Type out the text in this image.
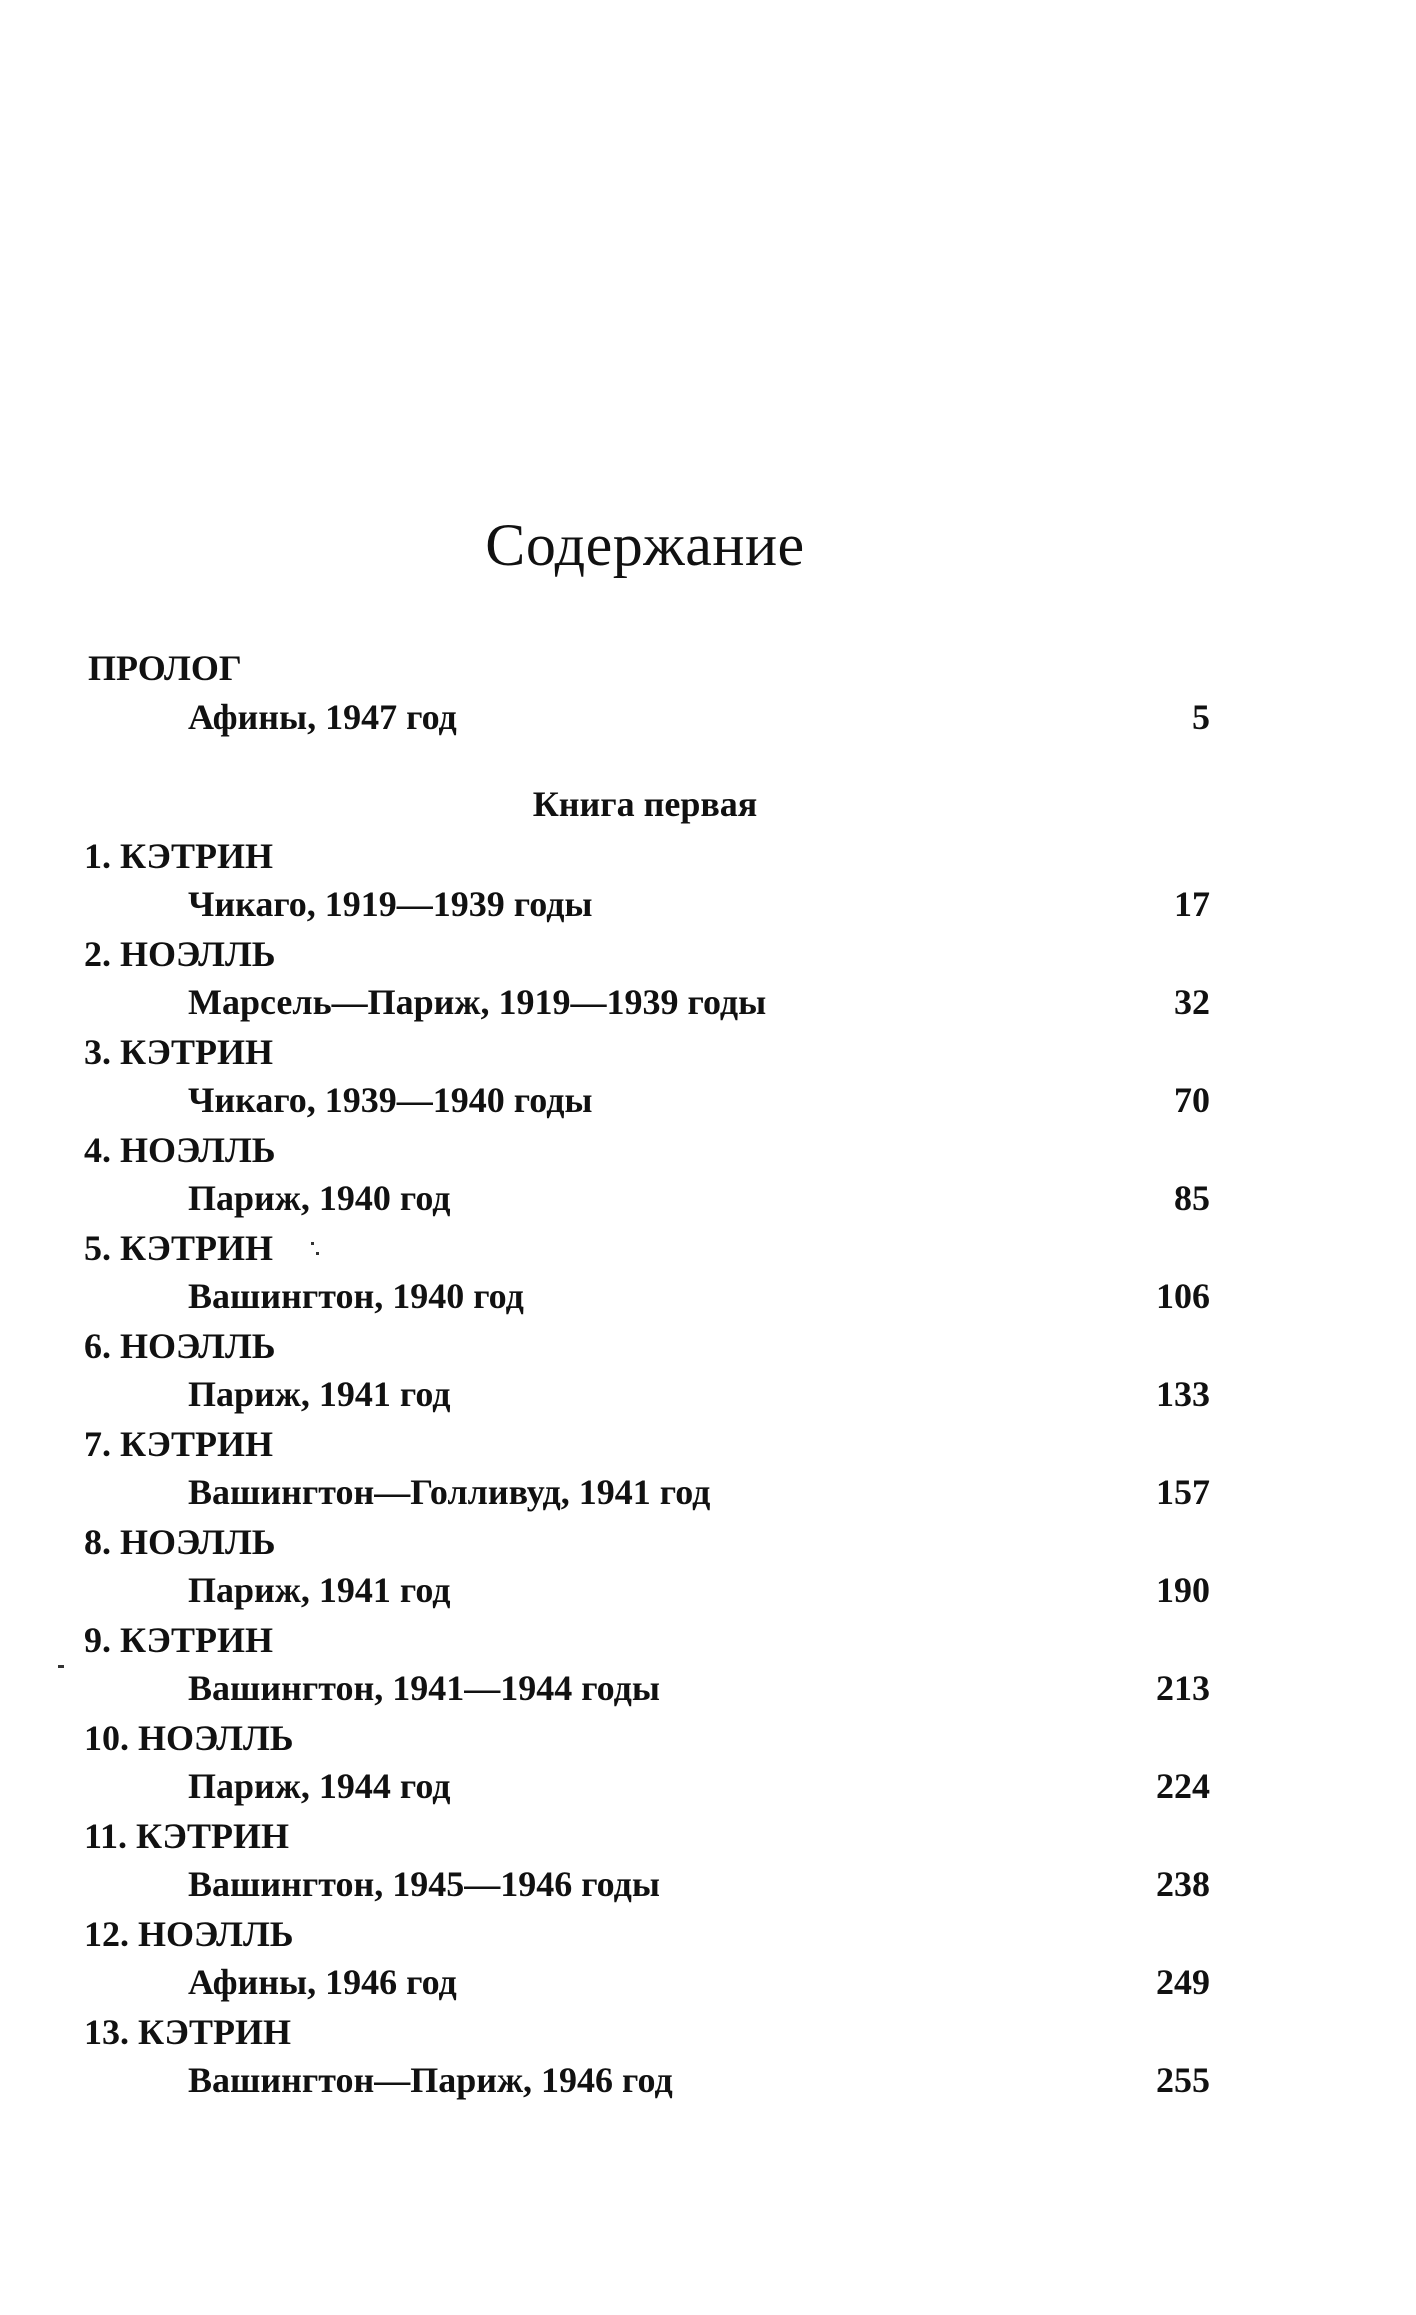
Содержание
ПРОЛОГ
Афины, 1947 год	5
Книга первая
1. КЭТРИН
Чикаго, 1919—1939 годы	17
2. НОЭЛЛЬ
Марсель—Париж, 1919—1939 годы	32
3. КЭТРИН
Чикаго, 1939—1940 годы	70
4. НОЭЛЛЬ
Париж, 1940 год	85
5. КЭТРИН
Вашингтон, 1940 год	106
6. НОЭЛЛЬ
Париж, 1941 год	133
7. КЭТРИН
Вашингтон—Голливуд, 1941 год	157
8. НОЭЛЛЬ
Париж, 1941 год	190
9. КЭТРИН
Вашингтон, 1941—1944 годы	213
10. НОЭЛЛЬ
Париж, 1944 год	224
11. КЭТРИН
Вашингтон, 1945—1946 годы	238
12. НОЭЛЛЬ
Афины, 1946 год	249
13. КЭТРИН
Вашингтон—Париж, 1946 год	255
